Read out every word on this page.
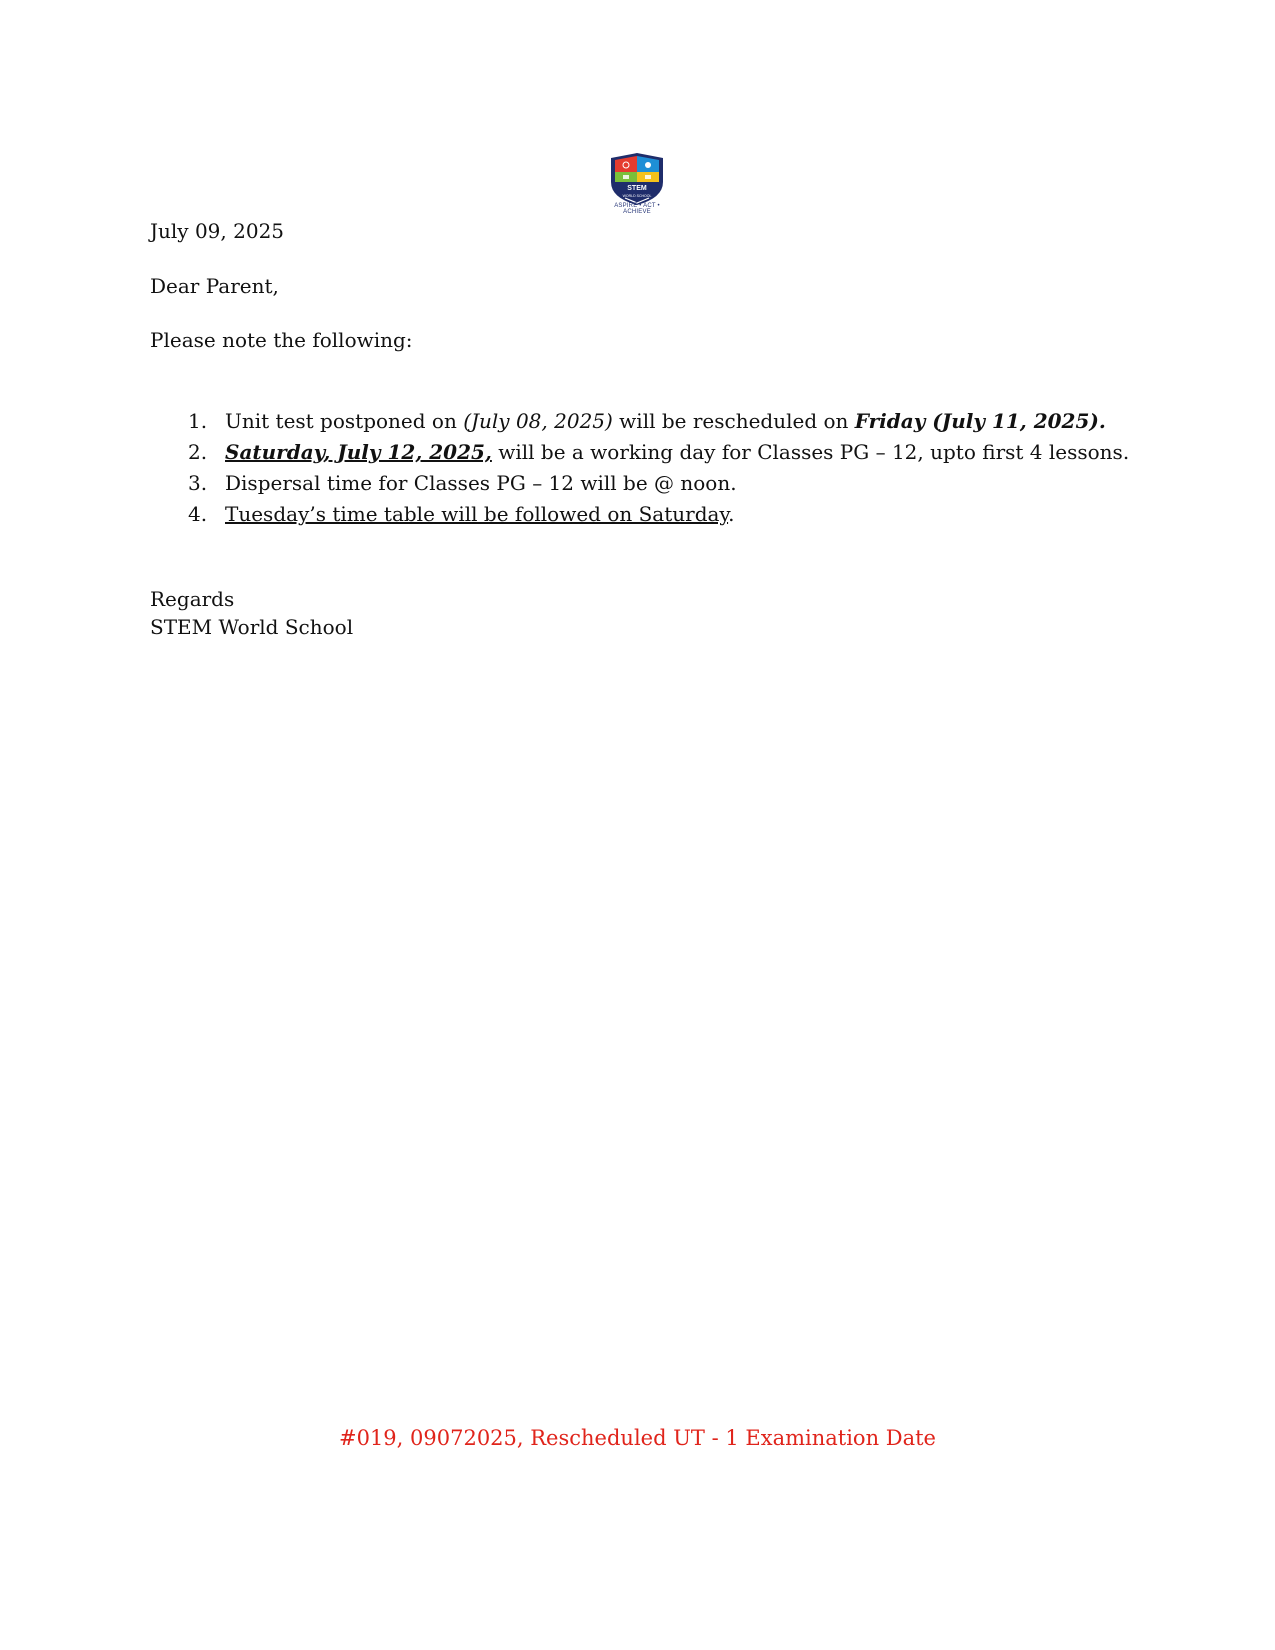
STEM
WORLD SCHOOL
ASPIRE • ACT • ACHIEVE
July 09, 2025
Dear Parent,
Please note the following:
1. Unit test postponed on (July 08, 2025) will be rescheduled on Friday (July 11, 2025).
2. Saturday, July 12, 2025, will be a working day for Classes PG – 12, upto first 4 lessons.
3. Dispersal time for Classes PG – 12 will be @ noon.
4. Tuesday’s time table will be followed on Saturday.
Regards
STEM World School
#019, 09072025, Rescheduled UT - 1 Examination Date
